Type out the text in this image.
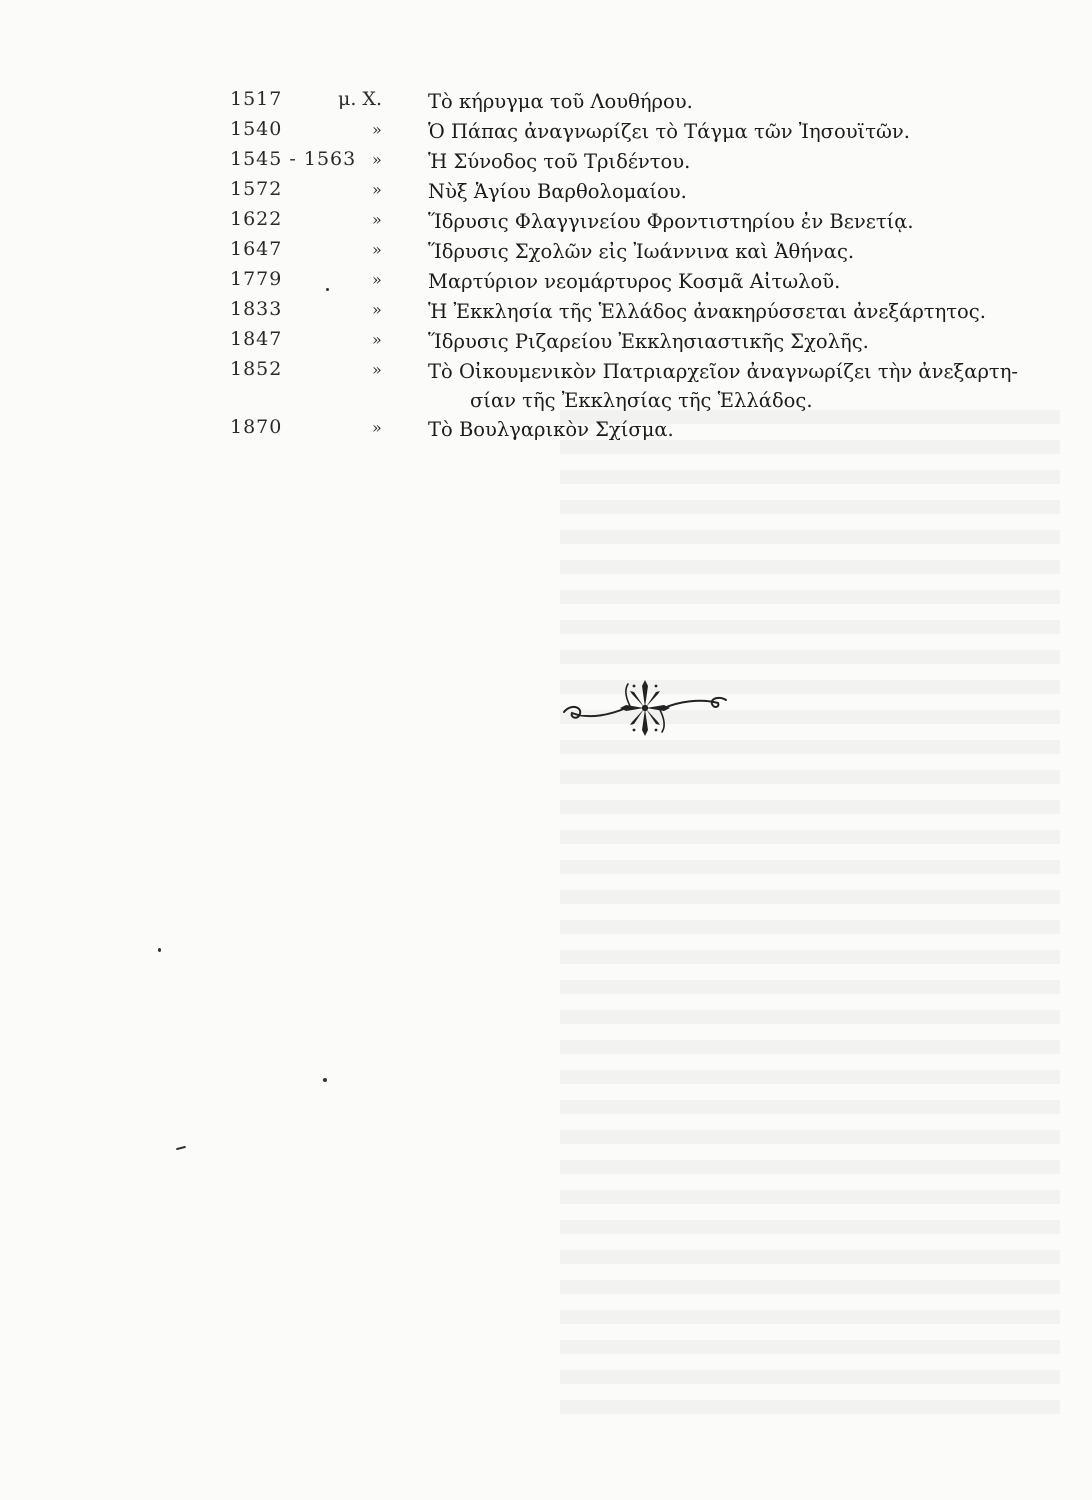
1517	μ. Χ. Τὸ κήρυγμα τοῦ Λουθήρου.
1540	» Ὁ Πάπας ἀναγνωρίζει τὸ Τάγμα τῶν Ἰησουϊτῶν.
1545 - 1563 » Ἡ Σύνοδος τοῦ Τριδέντου.
1572	» Νὺξ Ἁγίου Βαρθολομαίου.
1622	» Ἵδρυσις Φλαγγινείου Φροντιστηρίου ἐν Βενετίᾳ.
1647	» Ἵδρυσις Σχολῶν εἰς Ἰωάννινα καὶ Ἀθήνας.
1779	» Μαρτύριον νεομάρτυρος Κοσμᾶ Αἰτωλοῦ.
1833	» Ἡ Ἐκκλησία τῆς Ἑλλάδος ἀνακηρύσσεται ἀνεξάρτητος.
1847	» Ἵδρυσις Ριζαρείου Ἐκκλησιαστικῆς Σχολῆς.
1852	» Τὸ Οἰκουμενικὸν Πατριαρχεῖον ἀναγνωρίζει τὴν ἀνεξαρτη-
σίαν τῆς Ἐκκλησίας τῆς Ἑλλάδος.
1870	» Τὸ Βουλγαρικὸν Σχίσμα.
